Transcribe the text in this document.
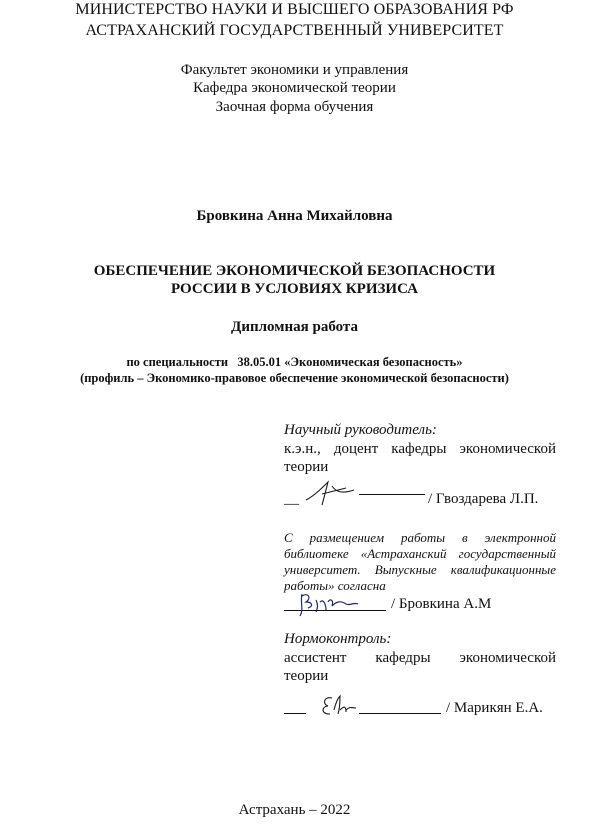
МИНИСТЕРСТВО НАУКИ И ВЫСШЕГО ОБРАЗОВАНИЯ РФ
АСТРАХАНСКИЙ ГОСУДАРСТВЕННЫЙ УНИВЕРСИТЕТ
Факультет экономики и управления
Кафедра экономической теории
Заочная форма обучения
Бровкина Анна Михайловна
ОБЕСПЕЧЕНИЕ ЭКОНОМИЧЕСКОЙ БЕЗОПАСНОСТИ
РОССИИ В УСЛОВИЯХ КРИЗИСА
Дипломная работа
по специальности   38.05.01 «Экономическая безопасность»
(профиль – Экономико-правовое обеспечение экономической безопасности)
Научный руководитель:
к.э.н., доцент кафедры экономической
теории
__	/ Гвоздарева Л.П.
С размещением работы в электронной
библиотеке «Астраханский государственный
университет. Выпускные квалификационные
работы» согласна
/ Бровкина А.М
Нормоконтроль:
ассистент кафедры экономической
теории
/ Марикян Е.А.
Астрахань – 2022
